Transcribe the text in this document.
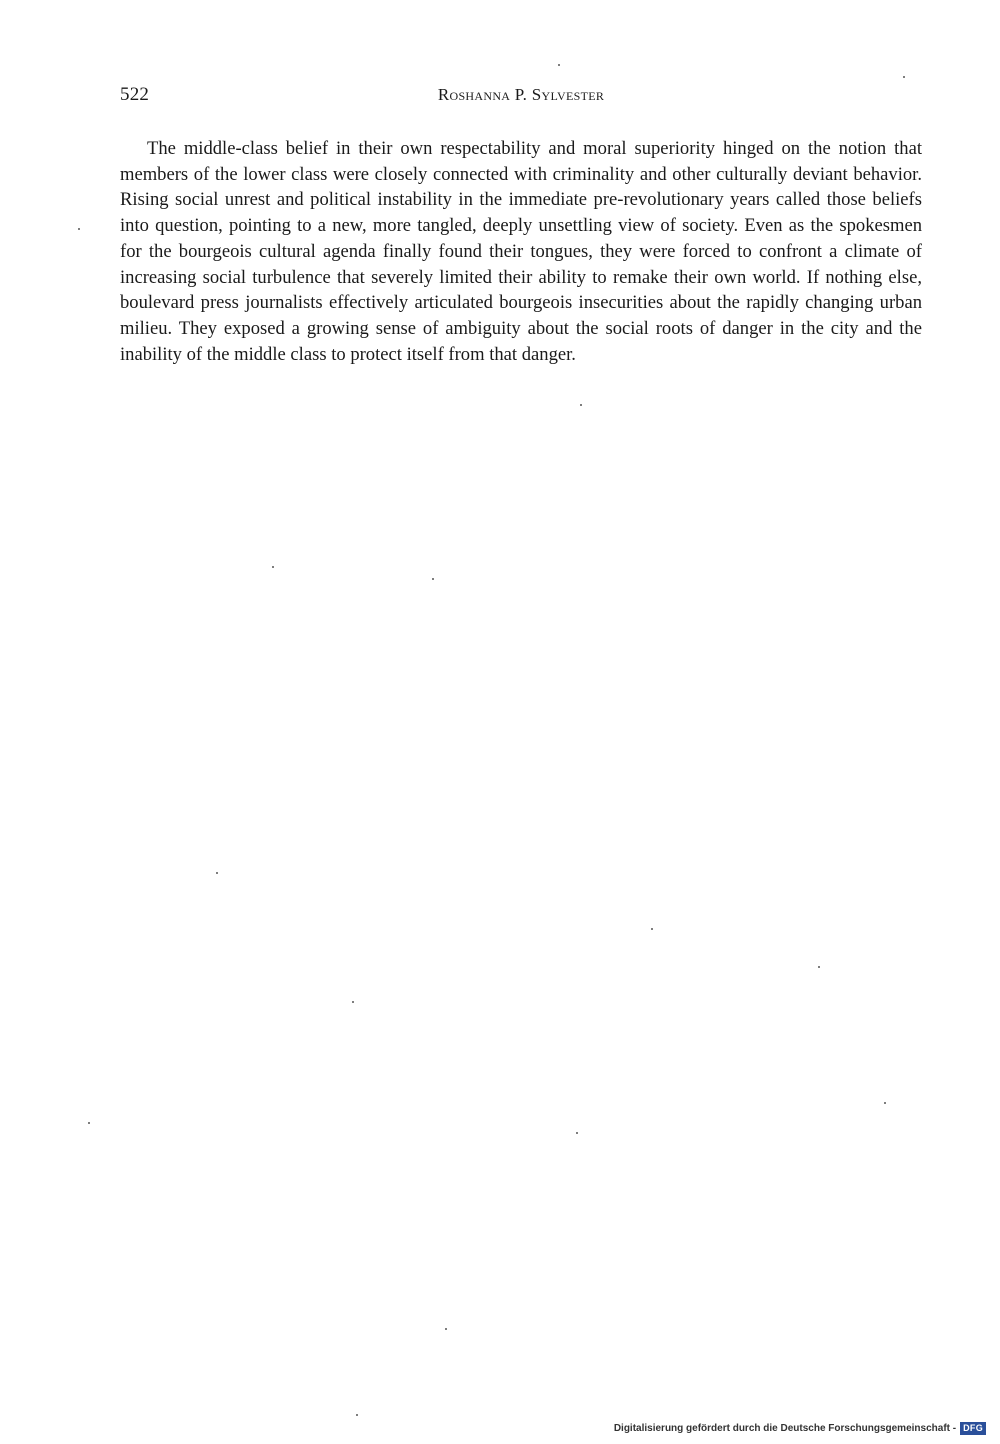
522	Roshanna P. Sylvester

The middle-class belief in their own respectability and moral superiority hinged on the notion that members of the lower class were closely connected with criminality and other culturally deviant behavior. Rising social unrest and political instability in the immediate pre-revolutionary years called those beliefs into question, pointing to a new, more tangled, deeply unsettling view of society. Even as the spokesmen for the bourgeois cultural agenda finally found their tongues, they were forced to confront a climate of increasing social turbulence that severely limited their ability to remake their own world. If nothing else, boulevard press journalists effectively articulated bourgeois insecurities about the rapidly changing urban milieu. They exposed a growing sense of ambiguity about the social roots of danger in the city and the inability of the middle class to protect itself from that danger.

Digitalisierung gefördert durch die Deutsche Forschungsgemeinschaft - DFG
